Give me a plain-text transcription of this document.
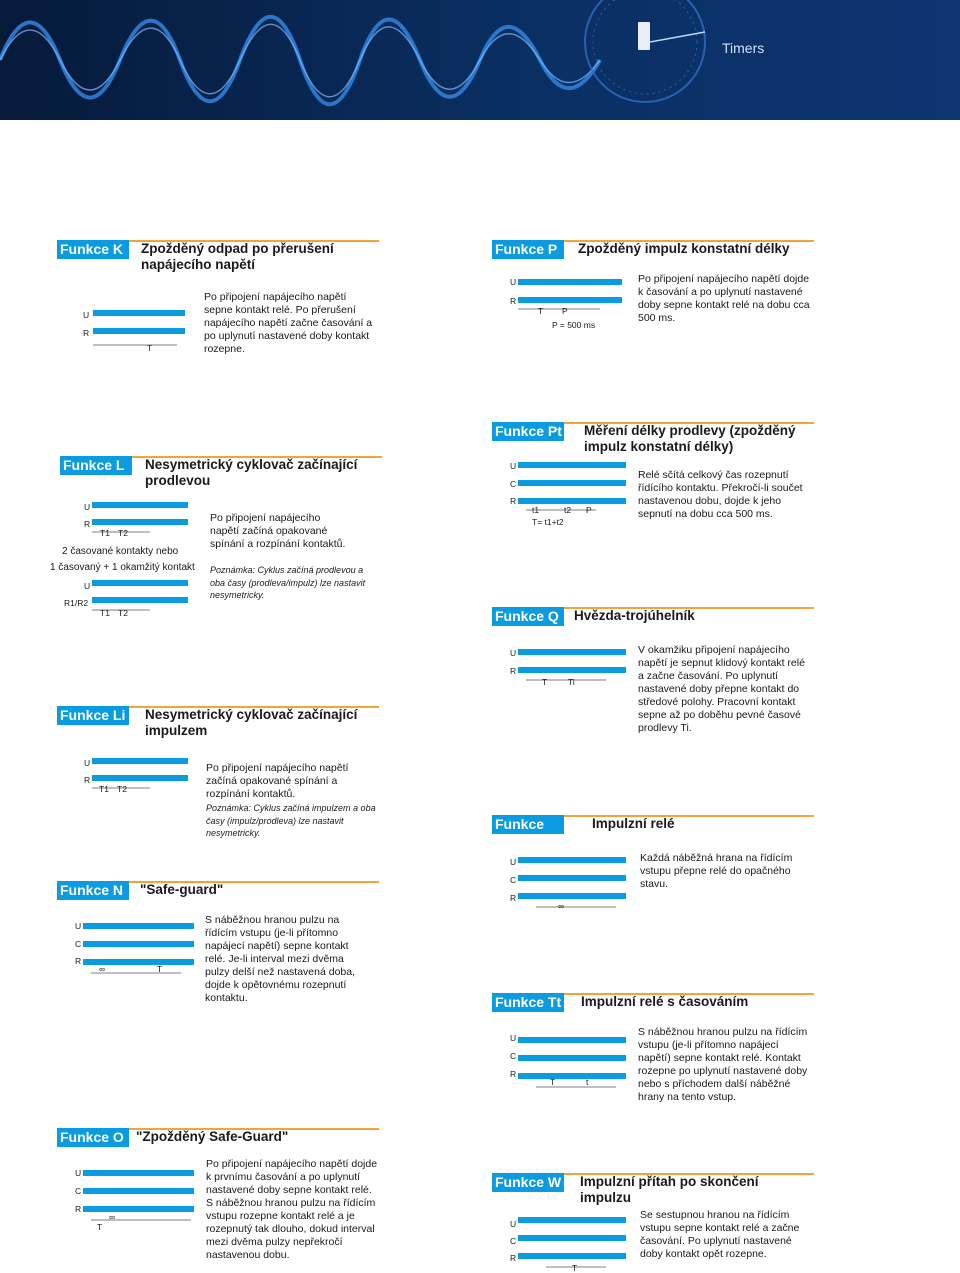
Timers
Funkce K	Zpožděný odpad po přerušení napájecího napětí
Po připojení napájecího napětí sepne kontakt relé. Po přerušení napájecího napětí začne časování a po uplynutí nastavené doby kontakt rozepne.
U
R
T
Funkce P	Zpožděný impulz konstatní délky
Po připojení napájecího napětí dojde k časování a po uplynutí nastavené doby sepne kontakt relé na dobu cca 500 ms.
U
R
T P
P = 500 ms
Funkce L	Nesymetrický cyklovač začínající prodlevou
Po připojení napájecího napětí začíná opakované spínání a rozpínání kontaktů.
U
R
T1 T2
2 časované kontakty nebo
1 časovaný + 1 okamžitý kontakt Poznámka: Cyklus začíná prodlevou a oba časy (prodleva/impulz) lze nastavit nesymetricky.
U
R1/R2
T1 T2
Funkce Pt Měření délky prodlevy (zpožděný impulz konstatní délky)
Relé sčítá celkový čas rozepnutí řídícího kontaktu. Překročí-li součet nastavenou dobu, dojde k jeho sepnutí na dobu cca 500 ms.
U
C
R
t1	t2 P
T= t1+t2
Funkce Q	Hvězda-trojúhelník
V okamžiku připojení napájecího napětí je sepnut klidový kontakt relé a začne časování. Po uplynutí nastavené doby přepne kontakt do středové polohy. Pracovní kontakt sepne až po doběhu pevné časové prodlevy Ti.
U
R
T Ti
Funkce Li Nesymetrický cyklovač začínající impulzem
U
R
T1 T2
Po připojení napájecího napětí začíná opakované spínání a rozpínání kontaktů.
Poznámka: Cyklus začíná impulzem a oba časy (impulz/prodleva) lze nastavit nesymetricky.
Funkce TL
Impulzní relé
Každá náběžná hrana na řídícím vstupu přepne relé do opačného stavu.
U
C
R
∞
Funkce N	"Safe-guard"
U
C
R
∞	T
S náběžnou hranou pulzu na řídícím vstupu (je-li přítomno napájecí napětí) sepne kontakt relé. Je-li interval mezi dvěma pulzy delší než nastavená doba, dojde k opětovnému rozepnutí kontaktu.	Funkce Tt Impulzní relé s časováním
U
C
R
T	t
S náběžnou hranou pulzu na řídícím vstupu (je-li přítomno napájecí napětí) sepne kontakt relé. Kontakt rozepne po uplynutí nastavené doby nebo s příchodem další náběžné hrany na tento vstup.
Funkce O "Zpožděný Safe-Guard"
U
C
R
∞
T
Po připojení napájecího napětí dojde k prvnímu časování a po uplynutí nastavené doby sepne kontakt relé. S náběžnou hranou pulzu na řídícím vstupu rozepne kontakt relé a je rozepnutý tak dlouho, dokud interval mezi dvěma pulzy nepřekročí nastavenou dobu.
Funkce W Impulzní přítah po skončení impulzu
U
C
R
T
Se sestupnou hranou na řídícím vstupu sepne kontakt relé a začne časování. Po uplynutí nastavené doby kontakt opět rozepne.
